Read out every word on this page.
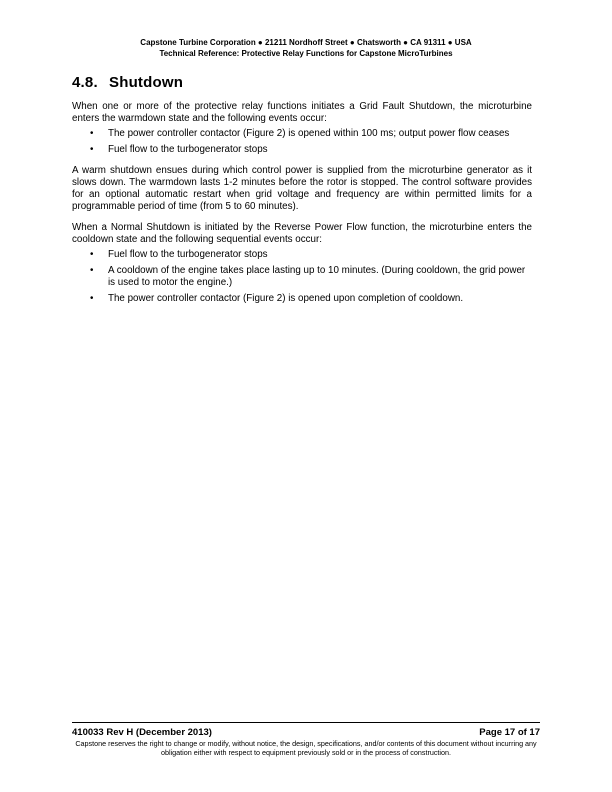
Capstone Turbine Corporation ● 21211 Nordhoff Street ● Chatsworth ● CA 91311 ● USA
Technical Reference: Protective Relay Functions for Capstone MicroTurbines
4.8. Shutdown

When one or more of the protective relay functions initiates a Grid Fault Shutdown, the microturbine enters the warmdown state and the following events occur:

• The power controller contactor (Figure 2) is opened within 100 ms; output power flow ceases
• Fuel flow to the turbogenerator stops

A warm shutdown ensues during which control power is supplied from the microturbine generator as it slows down. The warmdown lasts 1-2 minutes before the rotor is stopped. The control software provides for an optional automatic restart when grid voltage and frequency are within permitted limits for a programmable period of time (from 5 to 60 minutes).

When a Normal Shutdown is initiated by the Reverse Power Flow function, the microturbine enters the cooldown state and the following sequential events occur:

• Fuel flow to the turbogenerator stops
• A cooldown of the engine takes place lasting up to 10 minutes. (During cooldown, the grid power is used to motor the engine.)
• The power controller contactor (Figure 2) is opened upon completion of cooldown.
410033 Rev H (December 2013)	Page 17 of 17
Capstone reserves the right to change or modify, without notice, the design, specifications, and/or contents of this document without incurring any obligation either with respect to equipment previously sold or in the process of construction.
